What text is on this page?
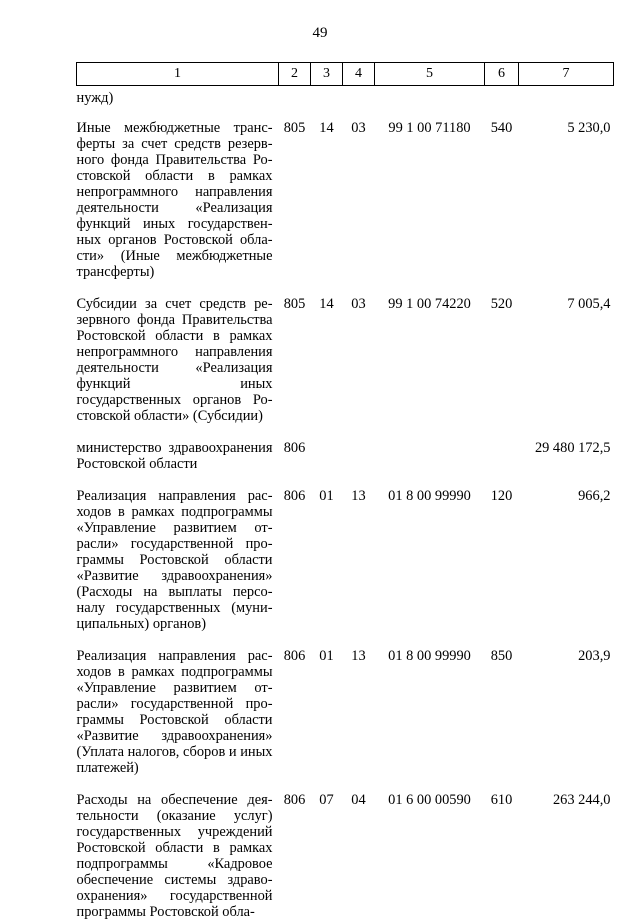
49
1	2	3	4	5	6	7
нужд)						
Иные межбюджетные трансферты за счет средств резервного фонда Правительства Ростовской области в рамках непрограммного направления деятельности «Реализация функций иных государственных органов Ростовской области» (Иные межбюджетные трансферты)	805	14	03	99 1 00 71180	540	5 230,0
Субсидии за счет средств резервного фонда Правительства Ростовской области в рамках непрограммного направления деятельности «Реализация функций иных государственных органов Ростовской области» (Субсидии)	805	14	03	99 1 00 74220	520	7 005,4
министерство здравоохранения Ростовской области	806					29 480 172,5
Реализация направления расходов в рамках подпрограммы «Управление развитием отрасли» государственной программы Ростовской области «Развитие здравоохранения» (Расходы на выплаты персоналу государственных (муниципальных) органов)	806	01	13	01 8 00 99990	120	966,2
Реализация направления расходов в рамках подпрограммы «Управление развитием отрасли» государственной программы Ростовской области «Развитие здравоохранения» (Уплата налогов, сборов и иных платежей)	806	01	13	01 8 00 99990	850	203,9
Расходы на обеспечение деятельности (оказание услуг) государственных учреждений Ростовской области в рамках подпрограммы «Кадровое обеспечение системы здравоохранения» государственной программы Ростовской обла-	806	07	04	01 6 00 00590	610	263 244,0
